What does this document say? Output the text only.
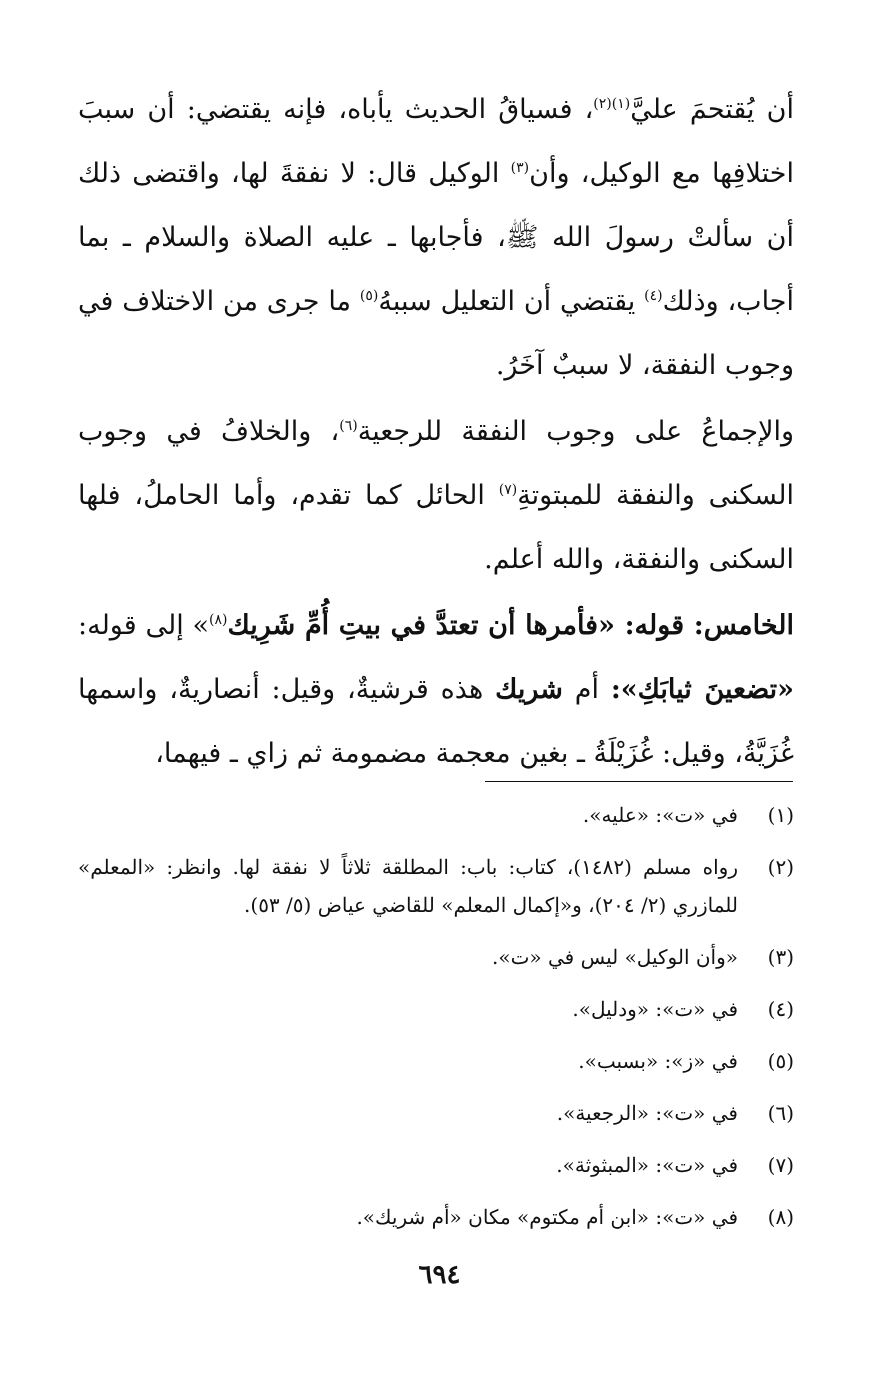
أن يُقتحمَ عليَّ$^{(١)(٢)}$، فسياقُ الحديث يأباه، فإنه يقتضي: أن سببَ اختلافِها مع الوكيل، وأن$^{(٣)}$ الوكيل قال: لا نفقةَ لها، واقتضى ذلك أن سألتْ رسولَ الله ﷺ، فأجابها ـ عليه الصلاة والسلام ـ بما أجاب، وذلك$^{(٤)}$ يقتضي أن التعليل سببهُ$^{(٥)}$ ما جرى من الاختلاف في وجوب النفقة، لا سببٌ آخَرُ.

والإجماعُ على وجوب النفقة للرجعية$^{(٦)}$، والخلافُ في وجوب السكنى والنفقة للمبتوتةِ$^{(٧)}$ الحائل كما تقدم، وأما الحاملُ، فلها السكنى والنفقة، والله أعلم.

الخامس: قوله: «فأمرها أن تعتدَّ في بيتِ أُمِّ شَرِيك$^{(٨)}$» إلى قوله: «تضعينَ ثيابَكِ»: أم شريك هذه قرشيةٌ، وقيل: أنصاريةٌ، واسمها غُزَيَّةُ، وقيل: غُزَيْلَةُ ـ بغين معجمة مضمومة ثم زاي ـ فيهما،

(١)
في «ت»: «عليه».
(٢)
رواه مسلم (١٤٨٢)، كتاب: باب: المطلقة ثلاثاً لا نفقة لها. وانظر: «المعلم» للمازري (٢/ ٢٠٤)، و«إكمال المعلم» للقاضي عياض (٥/ ٥٣).
(٣)
«وأن الوكيل» ليس في «ت».
(٤)
في «ت»: «ودليل».
(٥)
في «ز»: «بسبب».
(٦)
في «ت»: «الرجعية».
(٧)
في «ت»: «المبثوثة».
(٨)
في «ت»: «ابن أم مكتوم» مكان «أم شريك».
٦٩٤
